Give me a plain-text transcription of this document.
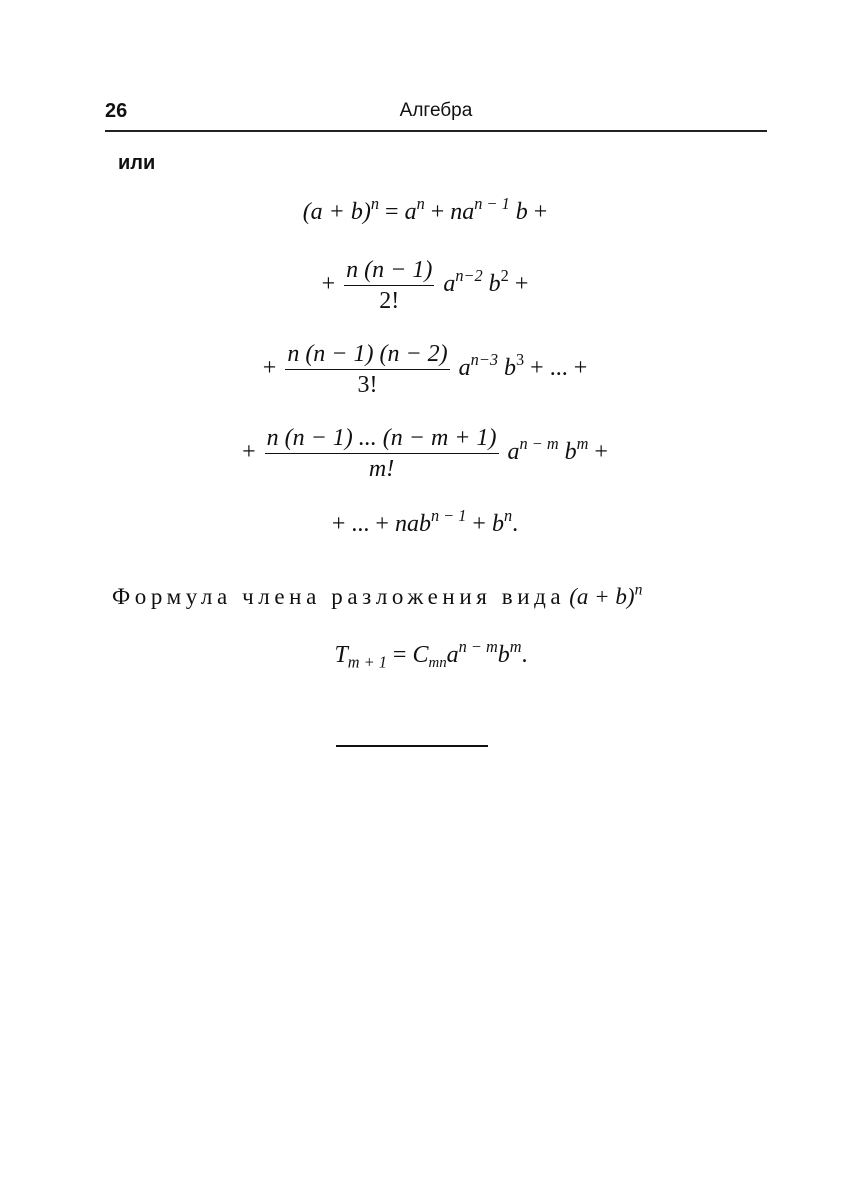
26	Алгебра
или
$(a + b)^n = a^n + na^{n - 1}$ b +
+ $\frac{n (n - 1)}{2!} a^{n-2}$ $b^2$ +
+ $\frac{n (n - 1) (n - 2)}{3!} a^{n-3}$ $b^3$ + ... +
+ $\frac{n (n - 1) ... (n - m + 1)}{m!} a^{n - m}$ $b^m$ +
+ ... + $nab^{n - 1} + b^n$.
Формула члена разложения вида $(a + b)^n$
$T_{m + 1}$ = $Cmna^{n - m}b^m$.
